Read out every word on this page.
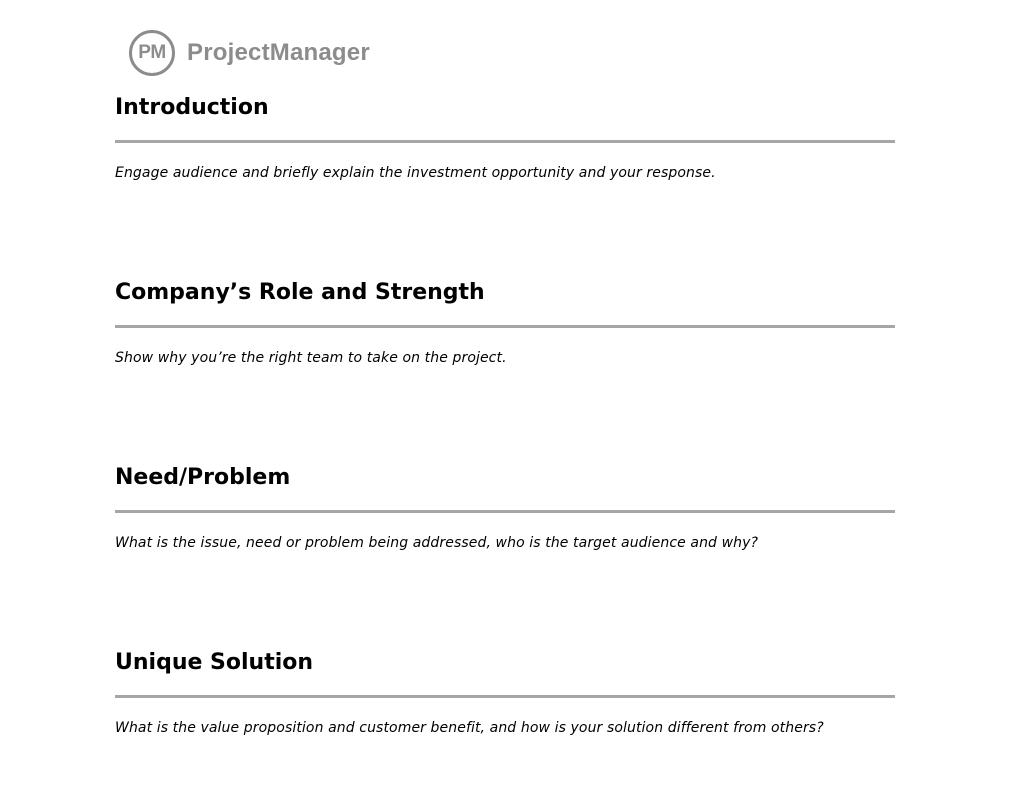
PM ProjectManager
Introduction

Engage audience and briefly explain the investment opportunity and your response.

Company’s Role and Strength

Show why you’re the right team to take on the project.

Need/Problem

What is the issue, need or problem being addressed, who is the target audience and why?

Unique Solution

What is the value proposition and customer benefit, and how is your solution different from others?
